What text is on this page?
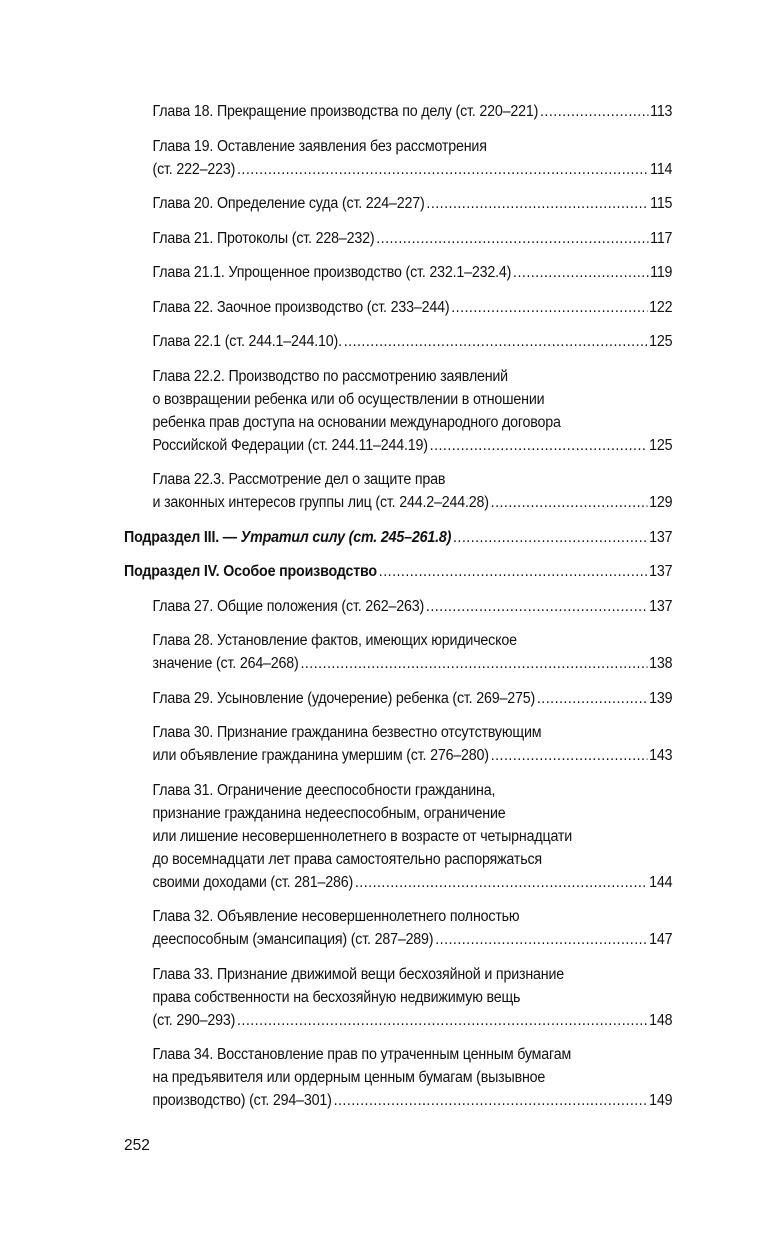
Глава 18. Прекращение производства по делу (ст. 220–221) .....	113
Глава 19. Оставление заявления без рассмотрения
(ст. 222–223) .....	114
Глава 20. Определение суда (ст. 224–227) .....	115
Глава 21. Протоколы (ст. 228–232) .....	117
Глава 21.1. Упрощенное производство (ст. 232.1–232.4) .....	119
Глава 22. Заочное производство (ст. 233–244) .....	122
Глава 22.1 (ст. 244.1–244.10). .....	125
Глава 22.2. Производство по рассмотрению заявлений
о возвращении ребенка или об осуществлении в отношении
ребенка прав доступа на основании международного договора
Российской Федерации (ст. 244.11–244.19) .....	125
Глава 22.3. Рассмотрение дел о защите прав
и законных интересов группы лиц (ст. 244.2–244.28) .....	129
Подраздел III. — Утратил силу (ст. 245–261.8) .....	137
Подраздел IV. Особое производство .....	137
Глава 27. Общие положения (ст. 262–263) .....	137
Глава 28. Установление фактов, имеющих юридическое
значение (ст. 264–268) .....	138
Глава 29. Усыновление (удочерение) ребенка (ст. 269–275) .....	139
Глава 30. Признание гражданина безвестно отсутствующим
или объявление гражданина умершим (ст. 276–280) .....	143
Глава 31. Ограничение дееспособности гражданина,
признание гражданина недееспособным, ограничение
или лишение несовершеннолетнего в возрасте от четырнадцати
до восемнадцати лет права самостоятельно распоряжаться
своими доходами (ст. 281–286) .....	144
Глава 32. Объявление несовершеннолетнего полностью
дееспособным (эмансипация) (ст. 287–289) .....	147
Глава 33. Признание движимой вещи бесхозяйной и признание
права собственности на бесхозяйную недвижимую вещь
(ст. 290–293) .....	148
Глава 34. Восстановление прав по утраченным ценным бумагам
на предъявителя или ордерным ценным бумагам (вызывное
производство) (ст. 294–301) .....	149
252
